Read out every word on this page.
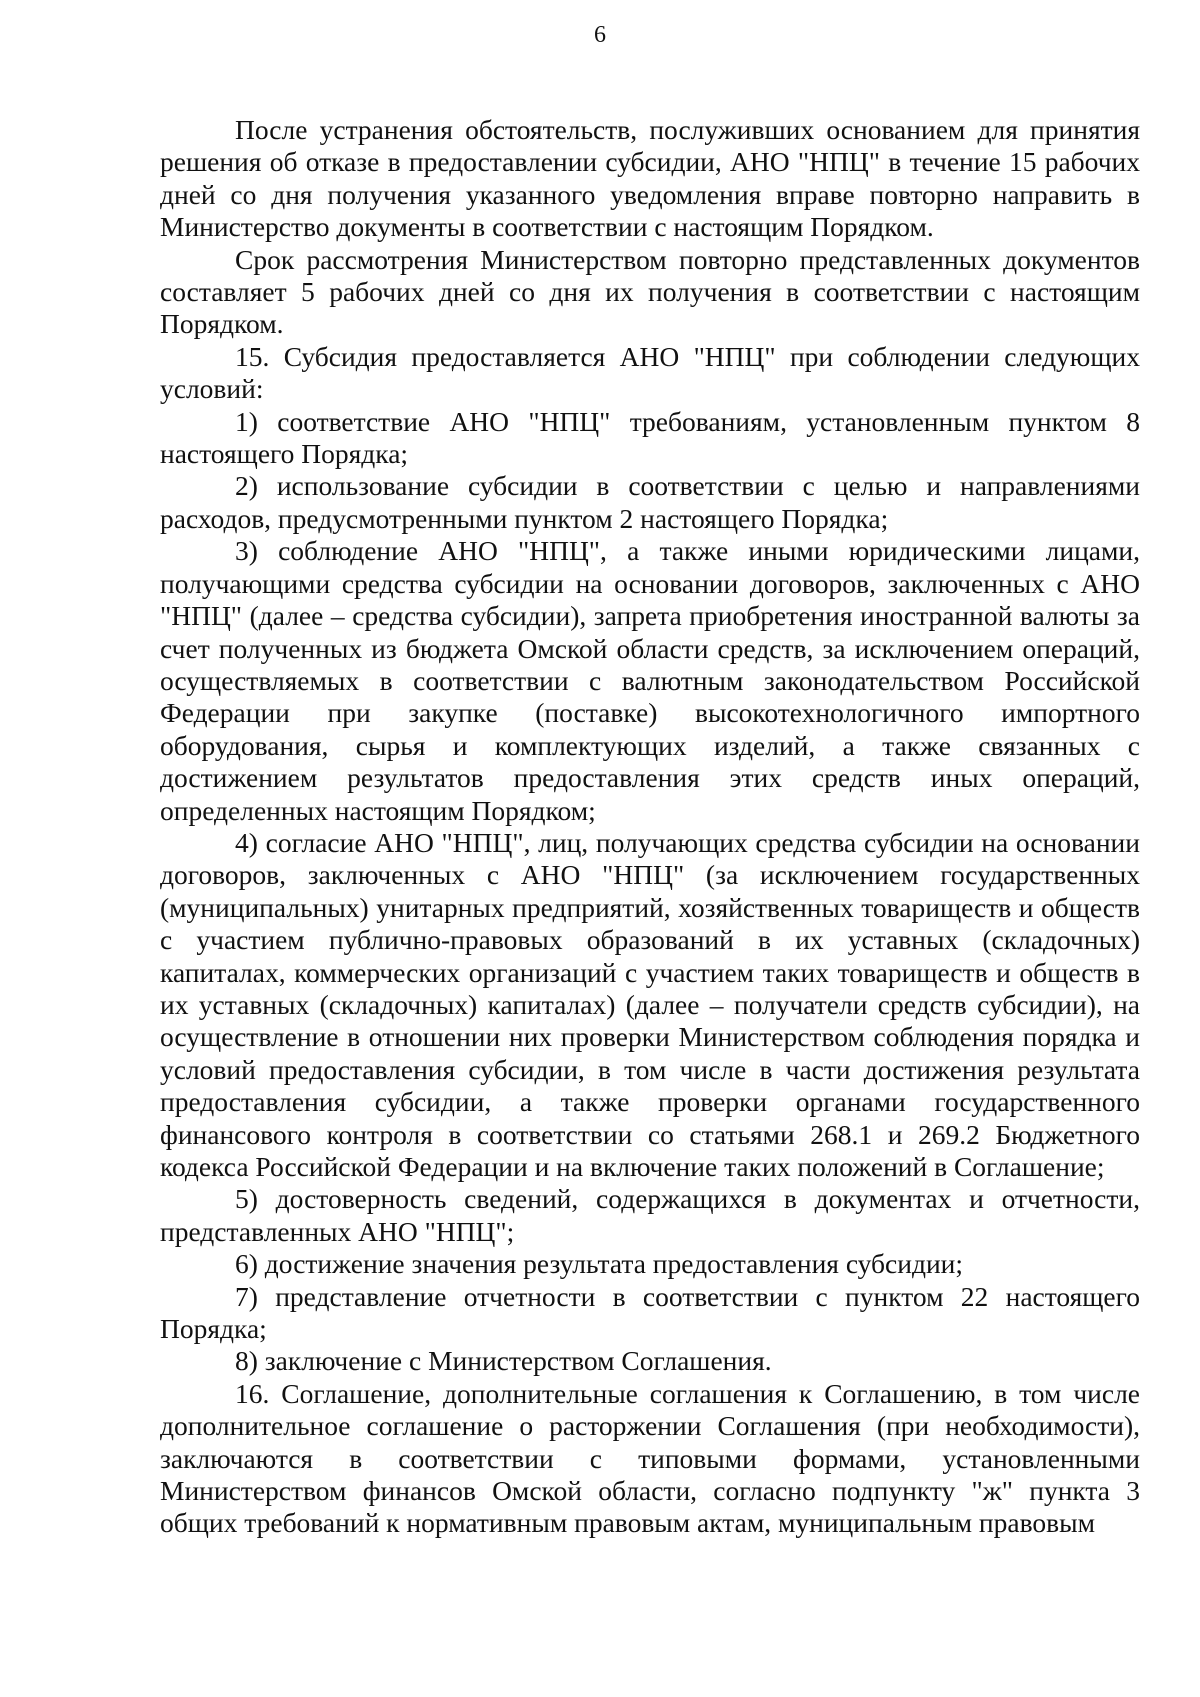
6

После устранения обстоятельств, послуживших основанием для принятия решения об отказе в предоставлении субсидии, АНО "НПЦ" в течение 15 рабочих дней со дня получения указанного уведомления вправе повторно направить в Министерство документы в соответствии с настоящим Порядком.

Срок рассмотрения Министерством повторно представленных документов составляет 5 рабочих дней со дня их получения в соответствии с настоящим Порядком.

15. Субсидия предоставляется АНО "НПЦ" при соблюдении следующих условий:

1) соответствие АНО "НПЦ" требованиям, установленным пунктом 8 настоящего Порядка;

2) использование субсидии в соответствии с целью и направлениями расходов, предусмотренными пунктом 2 настоящего Порядка;

3) соблюдение АНО "НПЦ", а также иными юридическими лицами, получающими средства субсидии на основании договоров, заключенных с АНО "НПЦ" (далее – средства субсидии), запрета приобретения иностранной валюты за счет полученных из бюджета Омской области средств, за исключением операций, осуществляемых в соответствии с валютным законодательством Российской Федерации при закупке (поставке) высокотехнологичного импортного оборудования, сырья и комплектующих изделий, а также связанных с достижением результатов предоставления этих средств иных операций, определенных настоящим Порядком;

4) согласие АНО "НПЦ", лиц, получающих средства субсидии на основании договоров, заключенных с АНО "НПЦ" (за исключением государственных (муниципальных) унитарных предприятий, хозяйственных товариществ и обществ с участием публично-правовых образований в их уставных (складочных) капиталах, коммерческих организаций с участием таких товариществ и обществ в их уставных (складочных) капиталах) (далее – получатели средств субсидии), на осуществление в отношении них проверки Министерством соблюдения порядка и условий предоставления субсидии, в том числе в части достижения результата предоставления субсидии, а также проверки органами государственного финансового контроля в соответствии со статьями 268.1 и 269.2 Бюджетного кодекса Российской Федерации и на включение таких положений в Соглашение;

5) достоверность сведений, содержащихся в документах и отчетности, представленных АНО "НПЦ";

6) достижение значения результата предоставления субсидии;

7) представление отчетности в соответствии с пунктом 22 настоящего Порядка;

8) заключение с Министерством Соглашения.

16. Соглашение, дополнительные соглашения к Соглашению, в том числе дополнительное соглашение о расторжении Соглашения (при необходимости), заключаются в соответствии с типовыми формами, установленными Министерством финансов Омской области, согласно подпункту "ж" пункта 3 общих требований к нормативным правовым актам, муниципальным правовым
